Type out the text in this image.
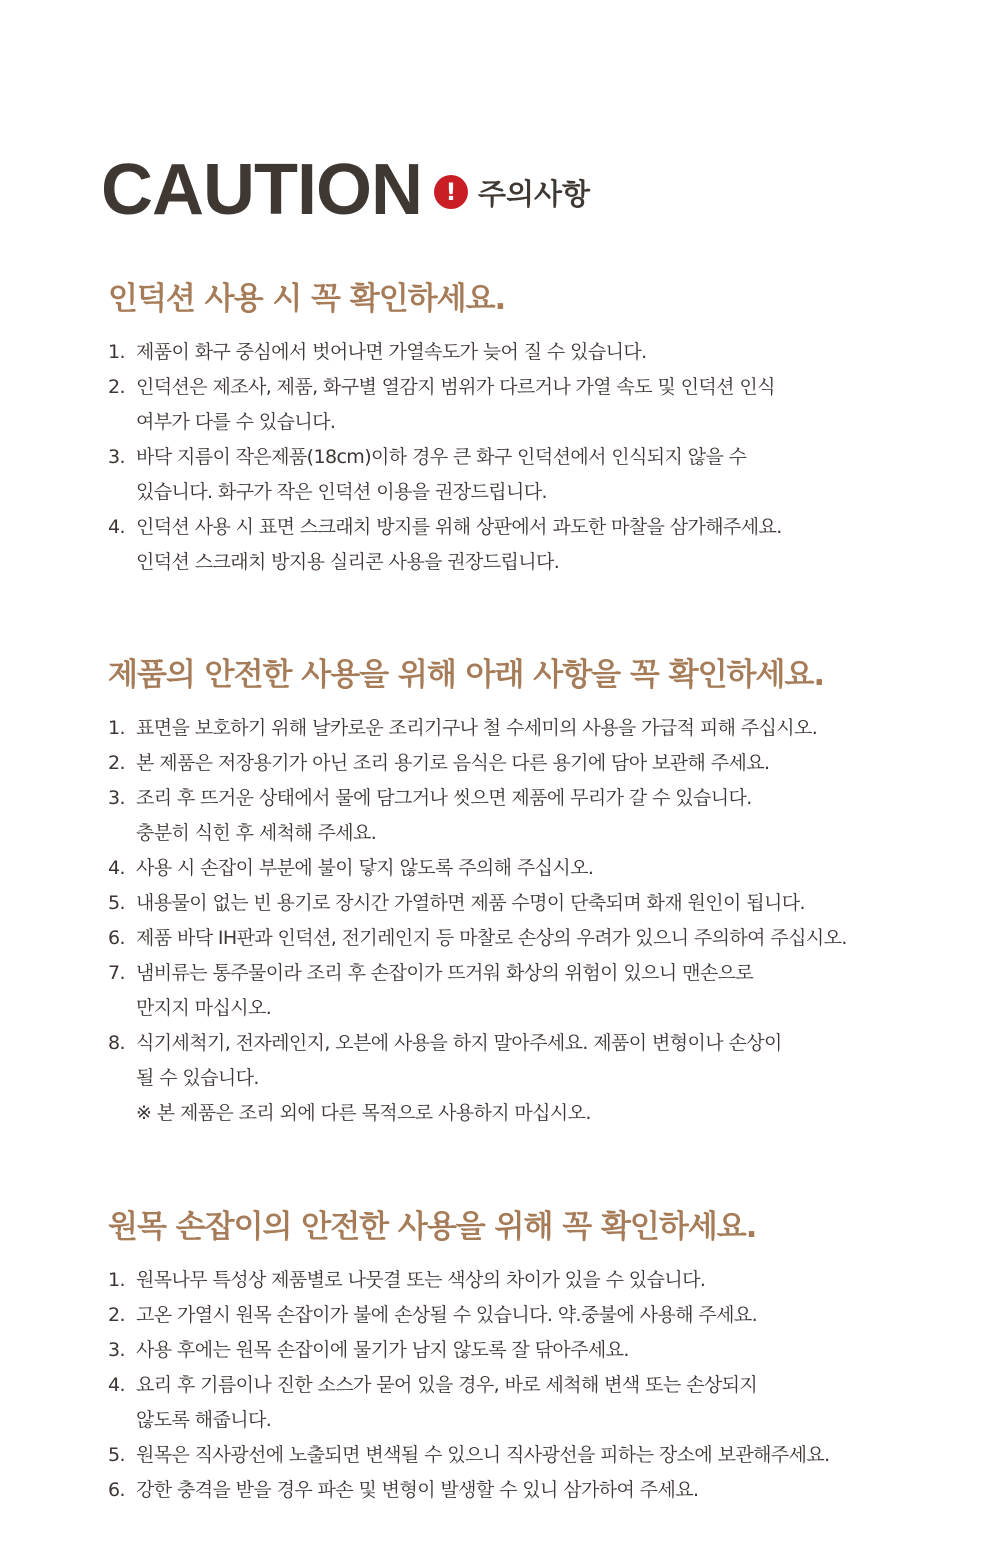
CAUTION ! 주의사항
인덕션 사용 시 꼭 확인하세요.
1. 제품이 화구 중심에서 벗어나면 가열속도가 늦어 질 수 있습니다.
2. 인덕션은 제조사, 제품, 화구별 열감지 범위가 다르거나 가열 속도 및 인덕션 인식
여부가 다를 수 있습니다.
3. 바닥 지름이 작은제품(18cm)이하 경우 큰 화구 인덕션에서 인식되지 않을 수
있습니다. 화구가 작은 인덕션 이용을 권장드립니다.
4. 인덕션 사용 시 표면 스크래치 방지를 위해 상판에서 과도한 마찰을 삼가해주세요.
인덕션 스크래치 방지용 실리콘 사용을 권장드립니다.
제품의 안전한 사용을 위해 아래 사항을 꼭 확인하세요.
1. 표면을 보호하기 위해 날카로운 조리기구나 철 수세미의 사용을 가급적 피해 주십시오.
2. 본 제품은 저장용기가 아닌 조리 용기로 음식은 다른 용기에 담아 보관해 주세요.
3. 조리 후 뜨거운 상태에서 물에 담그거나 씻으면 제품에 무리가 갈 수 있습니다.
충분히 식힌 후 세척해 주세요.
4. 사용 시 손잡이 부분에 불이 닿지 않도록 주의해 주십시오.
5. 내용물이 없는 빈 용기로 장시간 가열하면 제품 수명이 단축되며 화재 원인이 됩니다.
6. 제품 바닥 IH판과 인덕션, 전기레인지 등 마찰로 손상의 우려가 있으니 주의하여 주십시오.
7. 냄비류는 통주물이라 조리 후 손잡이가 뜨거워 화상의 위험이 있으니 맨손으로
만지지 마십시오.
8. 식기세척기, 전자레인지, 오븐에 사용을 하지 말아주세요. 제품이 변형이나 손상이
될 수 있습니다.
※ 본 제품은 조리 외에 다른 목적으로 사용하지 마십시오.
원목 손잡이의 안전한 사용을 위해 꼭 확인하세요.
1. 원목나무 특성상 제품별로 나뭇결 또는 색상의 차이가 있을 수 있습니다.
2. 고온 가열시 원목 손잡이가 불에 손상될 수 있습니다. 약.중불에 사용해 주세요.
3. 사용 후에는 원목 손잡이에 물기가 남지 않도록 잘 닦아주세요.
4. 요리 후 기름이나 진한 소스가 묻어 있을 경우, 바로 세척해 변색 또는 손상되지
않도록 해줍니다.
5. 원목은 직사광선에 노출되면 변색될 수 있으니 직사광선을 피하는 장소에 보관해주세요.
6. 강한 충격을 받을 경우 파손 및 변형이 발생할 수 있니 삼가하여 주세요.
